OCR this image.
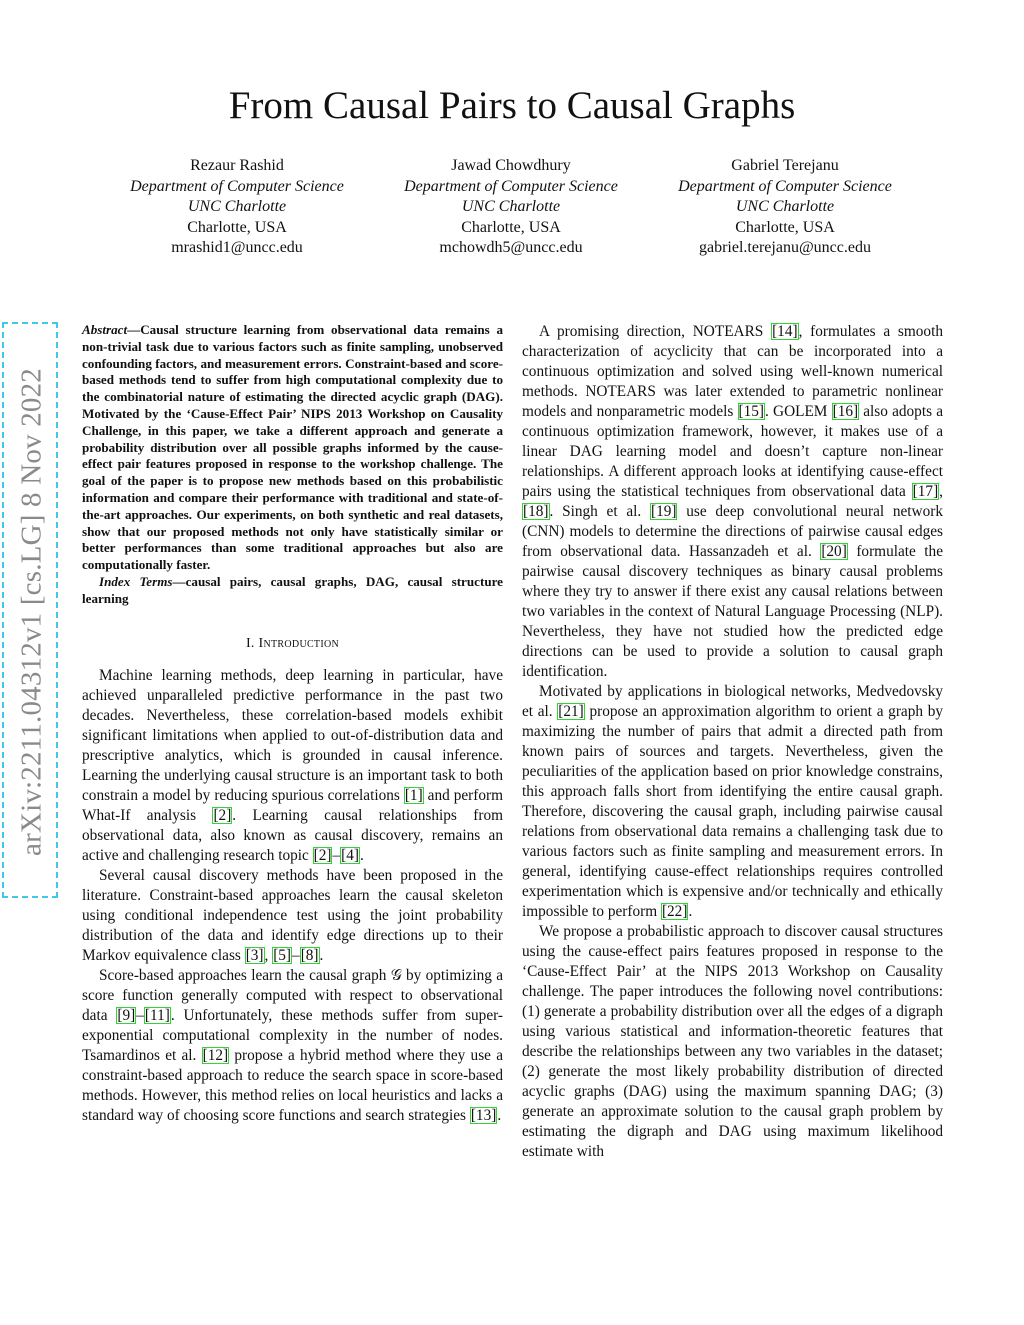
arXiv:2211.04312v1 [cs.LG] 8 Nov 2022
From Causal Pairs to Causal Graphs
Rezaur Rashid
Department of Computer Science
UNC Charlotte
Charlotte, USA
mrashid1@uncc.edu
Jawad Chowdhury
Department of Computer Science
UNC Charlotte
Charlotte, USA
mchowdh5@uncc.edu
Gabriel Terejanu
Department of Computer Science
UNC Charlotte
Charlotte, USA
gabriel.terejanu@uncc.edu

Abstract—Causal structure learning from observational data remains a non-trivial task due to various factors such as finite sampling, unobserved confounding factors, and measurement errors. Constraint-based and score-based methods tend to suffer from high computational complexity due to the combinatorial nature of estimating the directed acyclic graph (DAG). Motivated by the ‘Cause-Effect Pair’ NIPS 2013 Workshop on Causality Challenge, in this paper, we take a different approach and generate a probability distribution over all possible graphs informed by the cause-effect pair features proposed in response to the workshop challenge. The goal of the paper is to propose new methods based on this probabilistic information and compare their performance with traditional and state-of-the-art approaches. Our experiments, on both synthetic and real datasets, show that our proposed methods not only have statistically similar or better performances than some traditional approaches but also are computationally faster.

Index Terms—causal pairs, causal graphs, DAG, causal structure learning

I. Introduction

Machine learning methods, deep learning in particular, have achieved unparalleled predictive performance in the past two decades. Nevertheless, these correlation-based models exhibit significant limitations when applied to out-of-distribution data and prescriptive analytics, which is grounded in causal inference. Learning the underlying causal structure is an important task to both constrain a model by reducing spurious correlations [1] and perform What-If analysis [2]. Learning causal relationships from observational data, also known as causal discovery, remains an active and challenging research topic [2]–[4].

Several causal discovery methods have been proposed in the literature. Constraint-based approaches learn the causal skeleton using conditional independence test using the joint probability distribution of the data and identify edge directions up to their Markov equivalence class [3], [5]–[8].

Score-based approaches learn the causal graph 𝒢 by optimizing a score function generally computed with respect to observational data [9]–[11]. Unfortunately, these methods suffer from super-exponential computational complexity in the number of nodes. Tsamardinos et al. [12] propose a hybrid method where they use a constraint-based approach to reduce the search space in score-based methods. However, this method relies on local heuristics and lacks a standard way of choosing score functions and search strategies [13].

A promising direction, NOTEARS [14], formulates a smooth characterization of acyclicity that can be incorporated into a continuous optimization and solved using well-known numerical methods. NOTEARS was later extended to parametric nonlinear models and nonparametric models [15]. GOLEM [16] also adopts a continuous optimization framework, however, it makes use of a linear DAG learning model and doesn’t capture non-linear relationships. A different approach looks at identifying cause-effect pairs using the statistical techniques from observational data [17], [18]. Singh et al. [19] use deep convolutional neural network (CNN) models to determine the directions of pairwise causal edges from observational data. Hassanzadeh et al. [20] formulate the pairwise causal discovery techniques as binary causal problems where they try to answer if there exist any causal relations between two variables in the context of Natural Language Processing (NLP). Nevertheless, they have not studied how the predicted edge directions can be used to provide a solution to causal graph identification.

Motivated by applications in biological networks, Medvedovsky et al. [21] propose an approximation algorithm to orient a graph by maximizing the number of pairs that admit a directed path from known pairs of sources and targets. Nevertheless, given the peculiarities of the application based on prior knowledge constrains, this approach falls short from identifying the entire causal graph. Therefore, discovering the causal graph, including pairwise causal relations from observational data remains a challenging task due to various factors such as finite sampling and measurement errors. In general, identifying cause-effect relationships requires controlled experimentation which is expensive and/or technically and ethically impossible to perform [22].

We propose a probabilistic approach to discover causal structures using the cause-effect pairs features proposed in response to the ‘Cause-Effect Pair’ at the NIPS 2013 Workshop on Causality challenge. The paper introduces the following novel contributions: (1) generate a probability distribution over all the edges of a digraph using various statistical and information-theoretic features that describe the relationships between any two variables in the dataset; (2) generate the most likely probability distribution of directed acyclic graphs (DAG) using the maximum spanning DAG; (3) generate an approximate solution to the causal graph problem by estimating the digraph and DAG using maximum likelihood estimate with
